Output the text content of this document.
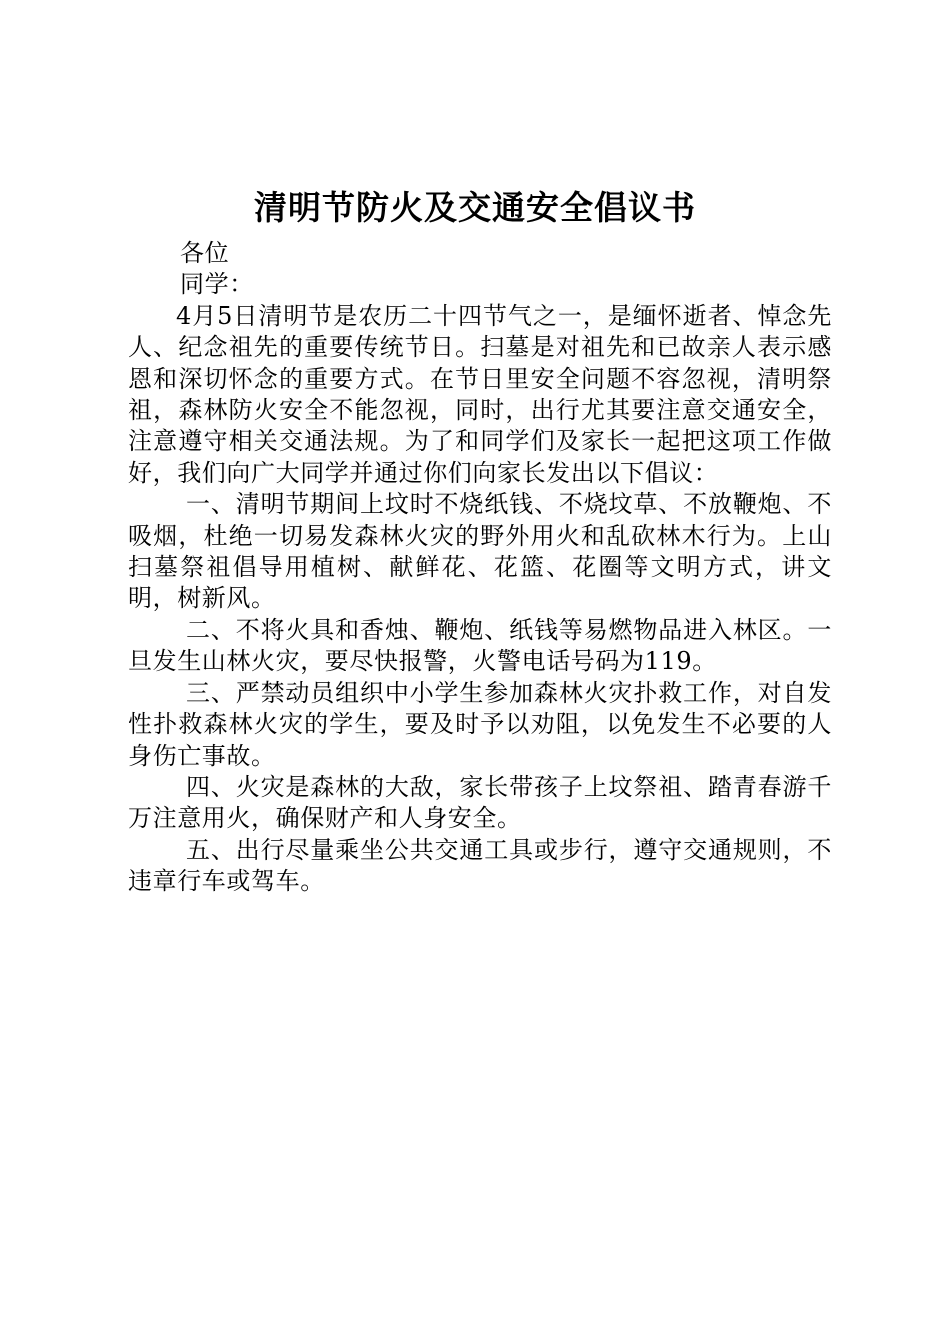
清明节防火及交通安全倡议书

各位

同学：

4月5日清明节是农历二十四节气之一，是缅怀逝者、悼念先人、纪念祖先的重要传统节日。扫墓是对祖先和已故亲人表示感恩和深切怀念的重要方式。在节日里安全问题不容忽视，清明祭祖，森林防火安全不能忽视，同时，出行尤其要注意交通安全，注意遵守相关交通法规。为了和同学们及家长一起把这项工作做好，我们向广大同学并通过你们向家长发出以下倡议：

一、清明节期间上坟时不烧纸钱、不烧坟草、不放鞭炮、不吸烟，杜绝一切易发森林火灾的野外用火和乱砍林木行为。上山扫墓祭祖倡导用植树、献鲜花、花篮、花圈等文明方式，讲文明，树新风。

二、不将火具和香烛、鞭炮、纸钱等易燃物品进入林区。一旦发生山林火灾，要尽快报警，火警电话号码为119。

三、严禁动员组织中小学生参加森林火灾扑救工作，对自发性扑救森林火灾的学生，要及时予以劝阻，以免发生不必要的人身伤亡事故。

四、火灾是森林的大敌，家长带孩子上坟祭祖、踏青春游千万注意用火，确保财产和人身安全。

五、出行尽量乘坐公共交通工具或步行，遵守交通规则，不违章行车或驾车。
